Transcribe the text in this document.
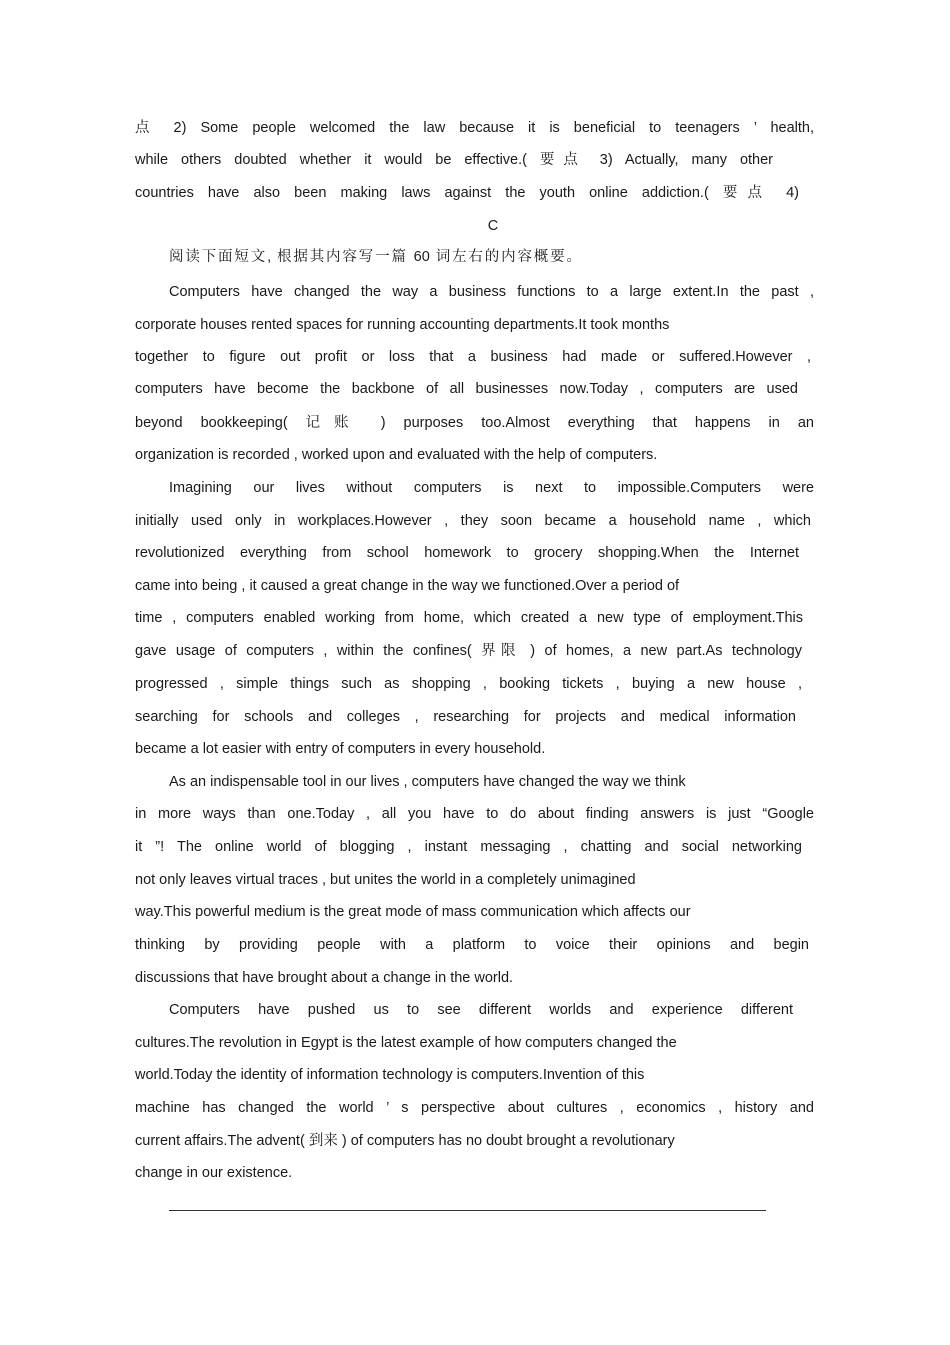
点 2) Some people welcomed the law because it is beneficial to teenagers ’ health,
while others doubted whether it would be effective.( 要点 3) Actually, many other
countries have also been making laws against the youth online addiction.( 要点 4)
C
阅读下面短文, 根据其内容写一篇 60 词左右的内容概要。
Computers have changed the way a business functions to a large extent.In the past ,
corporate houses rented spaces for running accounting departments.It took months
together to figure out profit or loss that a business had made or suffered.However ,
computers have become the backbone of all businesses now.Today , computers are used
beyond bookkeeping( 记账 ) purposes too.Almost everything that happens in an
organization is recorded , worked upon and evaluated with the help of computers.
Imagining our lives without computers is next to impossible.Computers were
initially used only in workplaces.However , they soon became a household name , which
revolutionized everything from school homework to grocery shopping.When the Internet
came into being , it caused a great change in the way we functioned.Over a period of
time , computers enabled working from home, which created a new type of employment.This
gave usage of computers , within the confines( 界限 ) of homes, a new part.As technology
progressed , simple things such as shopping , booking tickets , buying a new house ,
searching for schools and colleges , researching for projects and medical information
became a lot easier with entry of computers in every household.
As an indispensable tool in our lives , computers have changed the way we think
in more ways than one.Today , all you have to do about finding answers is just “Google
it ”! The online world of blogging , instant messaging , chatting and social networking
not only leaves virtual traces , but unites the world in a completely unimagined
way.This powerful medium is the great mode of mass communication which affects our
thinking by providing people with a platform to voice their opinions and begin
discussions that have brought about a change in the world.
Computers have pushed us to see different worlds and experience different
cultures.The revolution in Egypt is the latest example of how computers changed the
world.Today the identity of information technology is computers.Invention of this
machine has changed the world ’ s perspective about cultures , economics , history and
current affairs.The advent( 到来 ) of computers has no doubt brought a revolutionary
change in our existence.
